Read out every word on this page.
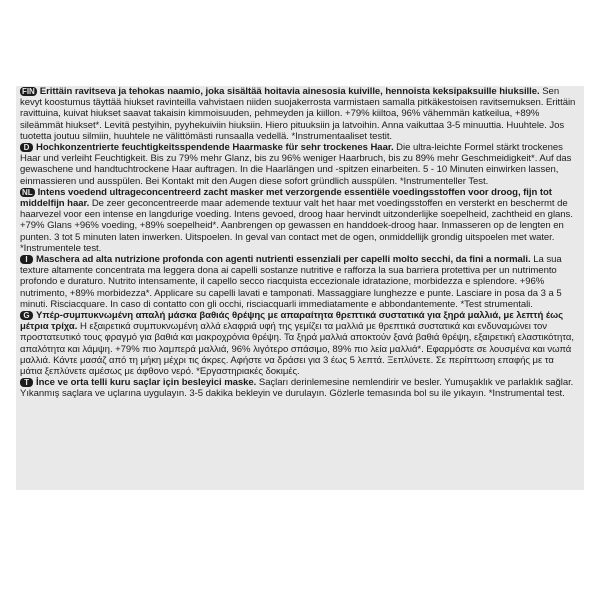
FIN Erittäin ravitseva ja tehokas naamio, joka sisältää hoitavia ainesosia kuiville, hennoista keksipaksuille hiuksille. Sen kevyt koostumus täyttää hiukset ravinteilla vahvistaen niiden suojakerrosta varmistaen samalla pitkäkestoisen ravitsemuksen. Erittäin ravittuina, kuivat hiukset saavat takaisin kimmoisuuden, pehmeyden ja kiillon. +79% kiiltoa, 96% vähemmän katkeilua, +89% sileämmät hiukset*. Levitä pestyihin, pyyhekuiviin hiuksiin. Hiero pituuksiin ja latvoihin. Anna vaikuttaa 3-5 minuuttia. Huuhtele. Jos tuotetta joutuu silmiin, huuhtele ne välittömästi runsaalla vedellä. *Instrumentaaliset testit.

D Hochkonzentrierte feuchtigkeitsspendende Haarmaske für sehr trockenes Haar. Die ultra-leichte Formel stärkt trockenes Haar und verleiht Feuchtigkeit. Bis zu 79% mehr Glanz, bis zu 96% weniger Haarbruch, bis zu 89% mehr Geschmeidigkeit*. Auf das gewaschene und handtuchtrockene Haar auftragen. In die Haarlängen und -spitzen einarbeiten. 5 - 10 Minuten einwirken lassen, einmassieren und ausspülen. Bei Kontakt mit den Augen diese sofort gründlich ausspülen. *Instrumenteller Test.

NL Intens voedend ultrageconcentreerd zacht masker met verzorgende essentiële voedingsstoffen voor droog, fijn tot middelfijn haar. De zeer geconcentreerde maar ademende textuur valt het haar met voedingsstoffen en versterkt en beschermt de haarvezel voor een intense en langdurige voeding. Intens gevoed, droog haar hervindt uitzonderlijke soepelheid, zachtheid en glans. +79% Glans +96% voeding, +89% soepelheid*. Aanbrengen op gewassen en handdoek-droog haar. Inmasseren op de lengten en punten. 3 tot 5 minuten laten inwerken. Uitspoelen. In geval van contact met de ogen, onmiddellijk grondig uitspoelen met water. *Instrumentele test.

I Maschera ad alta nutrizione profonda con agenti nutrienti essenziali per capelli molto secchi, da fini a normali. La sua texture altamente concentrata ma leggera dona ai capelli sostanze nutritive e rafforza la sua barriera protettiva per un nutrimento profondo e duraturo. Nutrito intensamente, il capello secco riacquista eccezionale idratazione, morbidezza e splendore. +96% nutrimento, +89% morbidezza*. Applicare su capelli lavati e tamponati. Massaggiare lunghezze e punte. Lasciare in posa da 3 a 5 minuti. Risciacquare. In caso di contatto con gli occhi, risciacquarli immediatamente e abbondantemente. *Test strumentali.

G Υπέρ-συμπυκνωμένη απαλή μάσκα βαθιάς θρέψης με απαραίτητα θρεπτικά συστατικά για ξηρά μαλλιά, με λεπτή έως μέτρια τρίχα. Η εξαιρετικά συμπυκνωμένη αλλά ελαφριά υφή της γεμίζει τα μαλλιά με θρεπτικά συστατικά και ενδυναμώνει τον προστατευτικό τους φραγμό για βαθιά και μακροχρόνια θρέψη. Τα ξηρά μαλλιά αποκτούν ξανά βαθιά θρέψη, εξαιρετική ελαστικότητα, απαλότητα και λάμψη. +79% πιο λαμπερά μαλλιά, 96% λιγότερο σπάσιμο, 89% πιο λεία μαλλιά*. Εφαρμόστε σε λουσμένα και νωπά μαλλιά. Κάντε μασάζ από τη μήκη μέχρι τις άκρες. Αφήστε να δράσει για 3 έως 5 λεπτά. Ξεπλύνετε. Σε περίπτωση επαφής με τα μάτια ξεπλύνετε αμέσως με άφθονο νερό. *Εργαστηριακές δοκιμές.

T İnce ve orta telli kuru saçlar için besleyici maske. Saçları derinlemesine nemlendirir ve besler. Yumuşaklık ve parlaklık sağlar. Yıkanmış saçlara ve uçlarına uygulayın. 3-5 dakika bekleyin ve durulayın. Gözlerle temasında bol su ile yıkayın. *Instrumental test.
